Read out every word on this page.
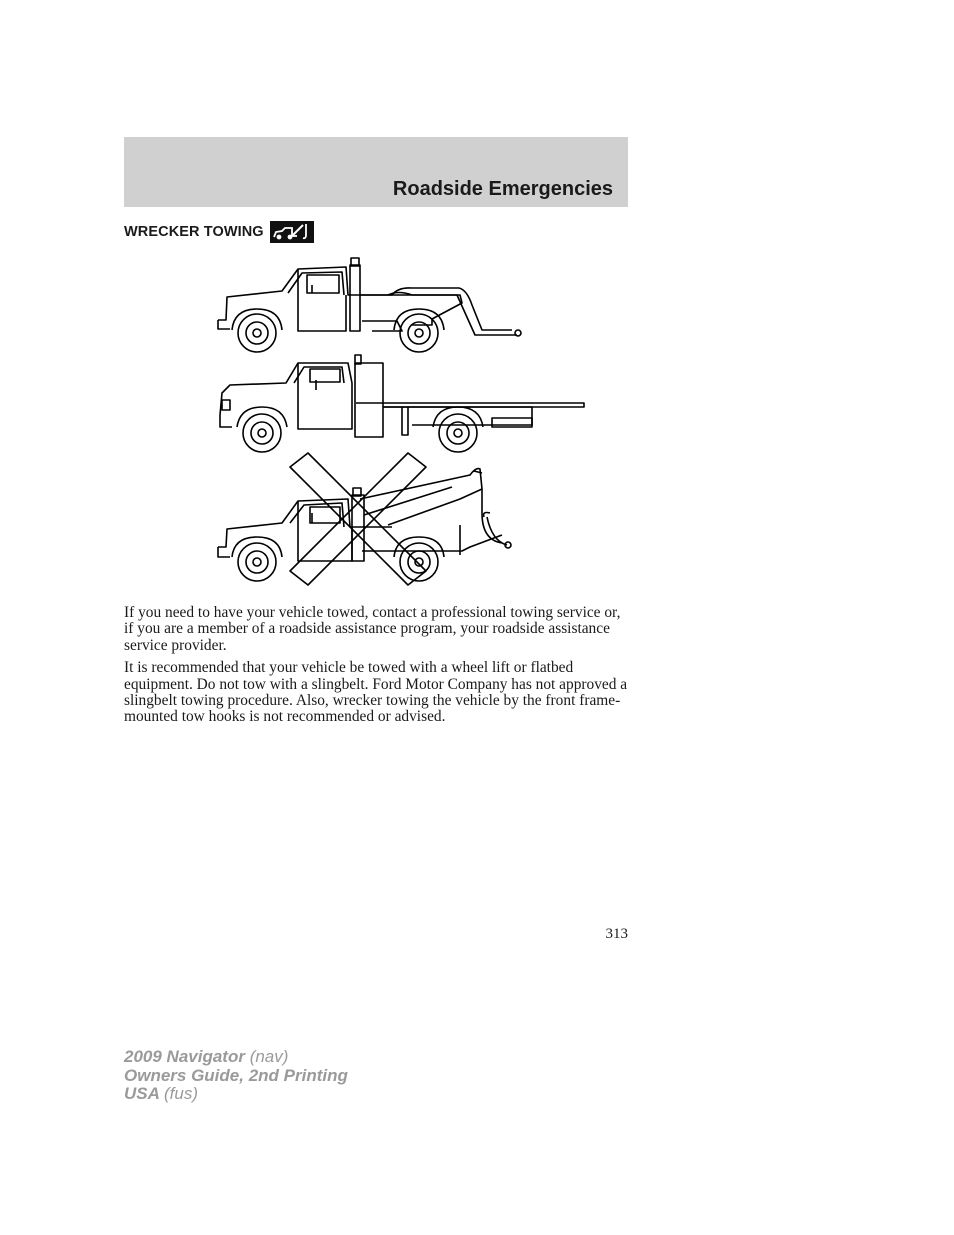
Roadside Emergencies
WRECKER TOWING

If you need to have your vehicle towed, contact a professional towing service or, if you are a member of a roadside assistance program, your roadside assistance service provider.

It is recommended that your vehicle be towed with a wheel lift or flatbed equipment. Do not tow with a slingbelt. Ford Motor Company has not approved a slingbelt towing procedure. Also, wrecker towing the vehicle by the front frame-mounted tow hooks is not recommended or advised.

313
2009 Navigator (nav)
Owners Guide, 2nd Printing
USA (fus)
